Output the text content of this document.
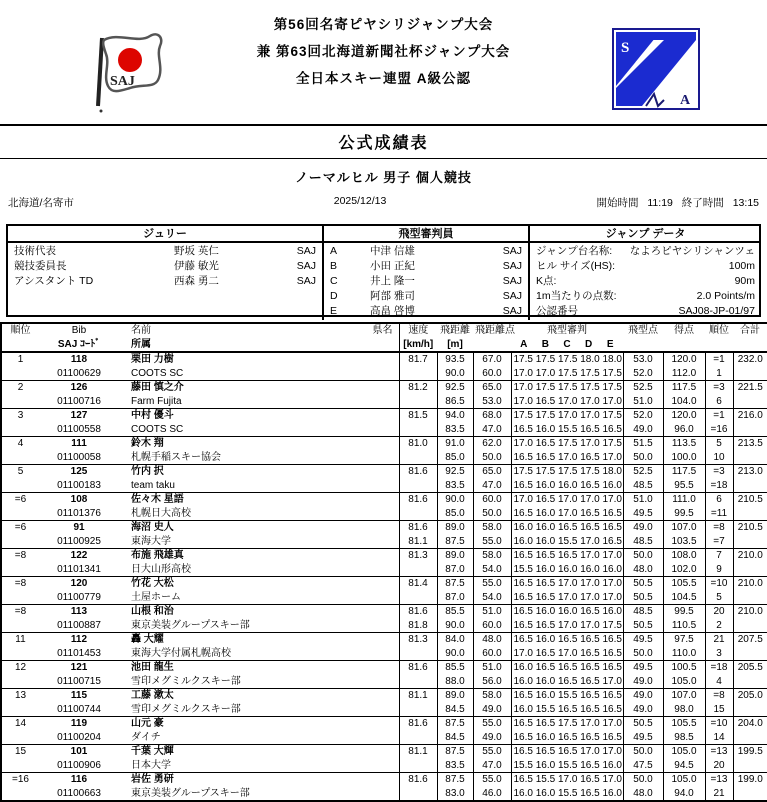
SAJ
第56回名寄ピヤシリジャンプ大会
兼 第63回北海道新聞社杯ジャンプ大会
全日本スキー連盟 A級公認
S
A
公式成績表
ノーマルヒル 男子 個人競技
北海道/名寄市	2025/12/13	開始時間 11:19 終了時間 13:15
ジュリー
技術代表	野坂 英仁	SAJ
競技委員長	伊藤 敏光	SAJ
アシスタント TD	西森 勇二	SAJ
飛型審判員
A	中津 信雄	SAJ
B	小田 正紀	SAJ
C	井上 隆一	SAJ
D	阿部 雅司	SAJ
E	高畠 啓博	SAJ
ジャンプ データ
ジャンプ台名称:	なよろピヤシリシャンツェ
ヒル サイズ(HS):	100m
K点:	90m
1m当たりの点数:	2.0 Points/m
公認番号	SAJ08-JP-01/97
順位	Bib 名前 県名	速度	飛距離	飛距離点	飛型審判	飛型点	得点	順位	合計

	SAJ ｺｰﾄﾞ 所属	[km/h]	[m]		A B C D E				

1	118 栗田 力樹	81.7	93.5	67.0	17.5 17.5 17.5 18.0 18.0	53.0	120.0	=1	232.0

	01100629 COOTS SC		90.0	60.0	17.0 17.0 17.5 17.5 17.5	52.0	112.0	1	
2	126 藤田 慎之介	81.2	92.5	65.0	17.0 17.5 17.5 17.5 17.5	52.5	117.5	=3	221.5

	01100716 Farm Fujita		86.5	53.0	17.0 16.5 17.0 17.0 17.0	51.0	104.0	6	
3	127 中村 優斗	81.5	94.0	68.0	17.5 17.5 17.0 17.0 17.5	52.0	120.0	=1	216.0

	01100558 COOTS SC		83.5	47.0	16.5 16.0 15.5 16.5 16.5	49.0	96.0	=16	
4	111 鈴木 翔	81.0	91.0	62.0	17.0 16.5 17.5 17.0 17.5	51.5	113.5	5	213.5

	01100058 札幌手稲スキー協会		85.0	50.0	16.5 16.5 17.0 16.5 17.0	50.0	100.0	10	
5	125 竹内 択	81.6	92.5	65.0	17.5 17.5 17.5 17.5 18.0	52.5	117.5	=3	213.0

	01100183 team taku		83.5	47.0	16.5 16.0 16.0 16.5 16.0	48.5	95.5	=18	
=6	108 佐々木 星語	81.6	90.0	60.0	17.0 16.5 17.0 17.0 17.0	51.0	111.0	6	210.5

	01101376 札幌日大高校		85.0	50.0	16.5 16.0 17.0 16.5 16.5	49.5	99.5	=11	
=6	91 海沼 史人	81.6	89.0	58.0	16.0 16.0 16.5 16.5 16.5	49.0	107.0	=8	210.5

	01100925 東海大学	81.1	87.5	55.0	16.0 16.0 15.5 17.0 16.5	48.5	103.5	=7	
=8	122 布施 飛雄真	81.3	89.0	58.0	16.5 16.5 16.5 17.0 17.0	50.0	108.0	7	210.0

	01101341 日大山形高校		87.0	54.0	15.5 16.0 16.0 16.0 16.0	48.0	102.0	9	
=8	120 竹花 大松	81.4	87.5	55.0	16.5 16.5 17.0 17.0 17.0	50.5	105.5	=10	210.0

	01100779 土屋ホーム		87.0	54.0	16.5 16.5 17.0 17.0 17.0	50.5	104.5	5	
=8	113 山根 和治	81.6	85.5	51.0	16.5 16.0 16.0 16.5 16.0	48.5	99.5	20	210.0

	01100887 東京美装グループスキー部	81.8	90.0	60.0	16.5 16.5 17.0 17.0 17.5	50.5	110.5	2	
11	112 轟 大耀	81.3	84.0	48.0	16.5 16.0 16.5 16.5 16.5	49.5	97.5	21	207.5

	01101453 東海大学付属札幌高校		90.0	60.0	17.0 16.5 17.0 16.5 16.5	50.0	110.0	3	
12	121 池田 龍生	81.6	85.5	51.0	16.0 16.5 16.5 16.5 16.5	49.5	100.5	=18	205.5

	01100715 雪印メグミルクスキー部		88.0	56.0	16.0 16.0 16.5 16.5 17.0	49.0	105.0	4	
13	115 工藤 漱太	81.1	89.0	58.0	16.5 16.0 15.5 16.5 16.5	49.0	107.0	=8	205.0

	01100744 雪印メグミルクスキー部		84.5	49.0	16.0 15.5 16.5 16.5 16.5	49.0	98.0	15	
14	119 山元 豪	81.6	87.5	55.0	16.5 16.5 17.5 17.0 17.0	50.5	105.5	=10	204.0

	01100204 ダイチ		84.5	49.0	16.5 16.0 16.5 16.5 16.5	49.5	98.5	14	
15	101 千葉 大輝	81.1	87.5	55.0	16.5 16.5 16.5 17.0 17.0	50.0	105.0	=13	199.5

	01100906 日本大学		83.5	47.0	15.5 16.0 15.5 16.5 16.0	47.5	94.5	20	
=16	116 岩佐 勇研	81.6	87.5	55.0	16.5 15.5 17.0 16.5 17.0	50.0	105.0	=13	199.0

	01100663 東京美装グループスキー部		83.0	46.0	16.0 16.0 15.5 16.5 16.0	48.0	94.0	21	
